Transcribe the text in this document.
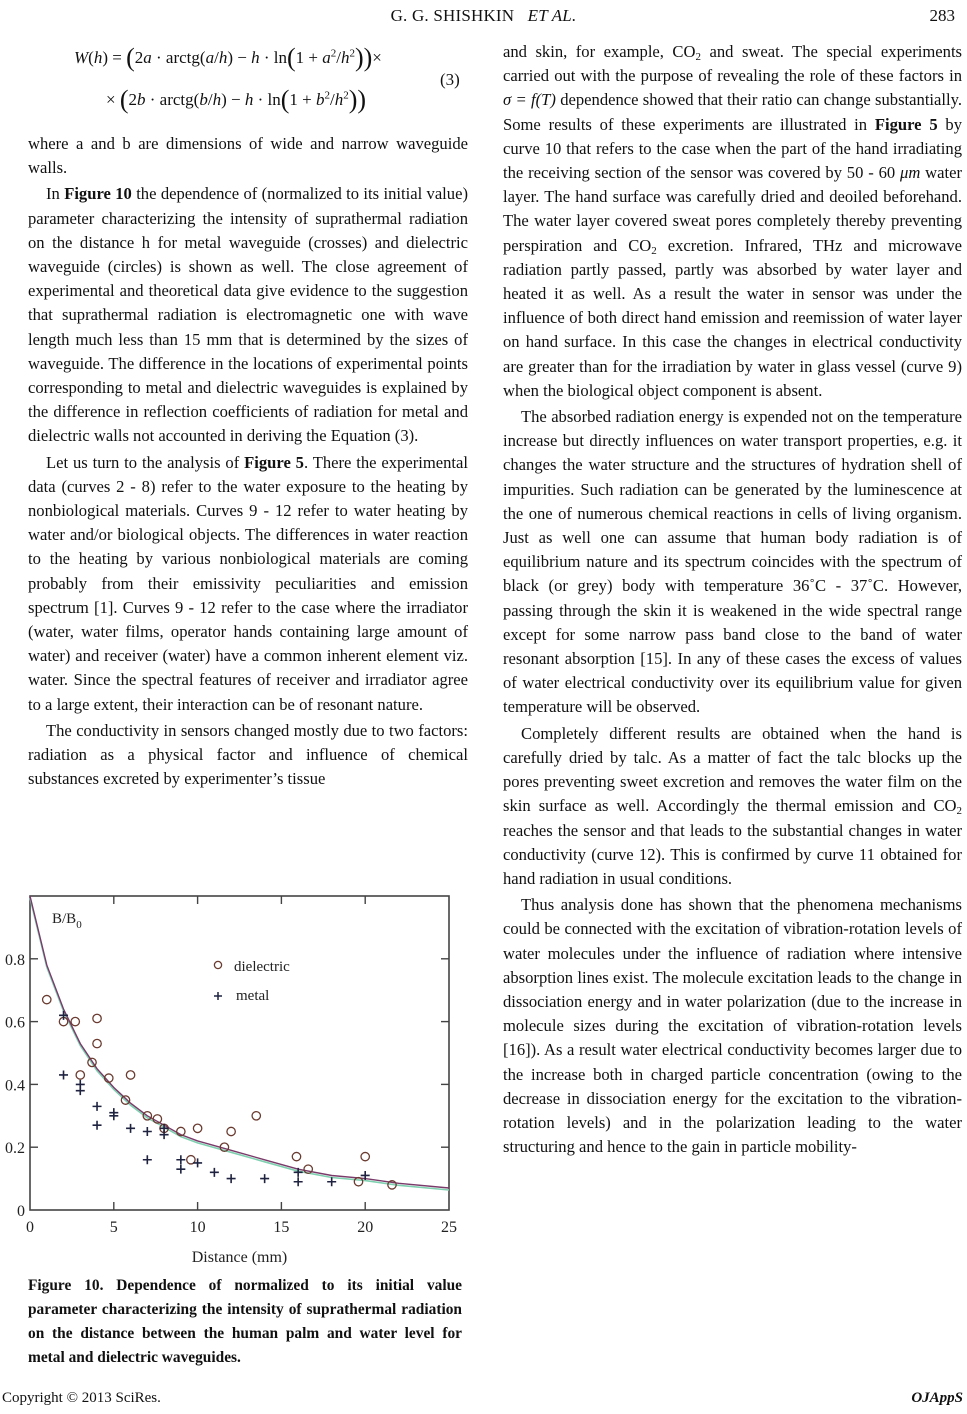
G. G. SHISHKIN ET AL.	283
W(h) = (2a · arctg(a/h) − $h \cdot \ln(1 + a^2/h^2))\times$
× (2b · arctg(b/h) − $h \cdot \ln(1 + b^2/h^2)$)
(3)

where a and b are dimensions of wide and narrow waveguide walls.

In Figure 10 the dependence of (normalized to its initial value) parameter characterizing the intensity of suprathermal radiation on the distance h for metal waveguide (crosses) and dielectric waveguide (circles) is shown as well. The close agreement of experimental and theoretical data give evidence to the suggestion that suprathermal radiation is electromagnetic one with wave length much less than 15 mm that is determined by the sizes of waveguide. The difference in the locations of experimental points corresponding to metal and dielectric waveguides is explained by the difference in reflection coefficients of radiation for metal and dielectric walls not accounted in deriving the Equation (3).

Let us turn to the analysis of Figure 5. There the experimental data (curves 2 - 8) refer to the water exposure to the heating by nonbiological materials. Curves 9 - 12 refer to water heating by water and/or biological objects. The differences in water reaction to the heating by various nonbiological materials are coming probably from their emissivity peculiarities and emission spectrum [1]. Curves 9 - 12 refer to the case where the irradiator (water, water films, operator hands containing large amount of water) and receiver (water) have a common inherent element viz. water. Since the spectral features of receiver and irradiator agree to a large extent, their interaction can be of resonant nature.

The conductivity in sensors changed mostly due to two factors: radiation as a physical factor and influence of chemical substances excreted by experimenter’s tissue

0	5	10	15	20	25
0
0.2
0.4
0.6
0.8
$B/B_0$
Distance (mm)
dielectric
metal
Figure 10. Dependence of normalized to its initial value parameter characterizing the intensity of suprathermal radiation on the distance between the human palm and water level for metal and dielectric waveguides.

and skin, for example, $CO_2$ and sweat. The special experiments carried out with the purpose of revealing the role of these factors in σ = f(T) dependence showed that their ratio can change substantially. Some results of these experiments are illustrated in Figure 5 by curve 10 that refers to the case when the part of the hand irradiating the receiving section of the sensor was covered by 50 - 60 μm water layer. The hand surface was carefully dried and deoiled beforehand. The water layer covered sweat pores completely thereby preventing perspiration and $CO_2$ excretion. Infrared, THz and microwave radiation partly passed, partly was absorbed by water layer and heated it as well. As a result the water in sensor was under the influence of both direct hand emission and reemission of water layer on hand surface. In this case the changes in electrical conductivity are greater than for the irradiation by water in glass vessel (curve 9) when the biological object component is absent.

The absorbed radiation energy is expended not on the temperature increase but directly influences on water transport properties, e.g. it changes the water structure and the structures of hydration shell of impurities. Such radiation can be generated by the luminescence at the one of numerous chemical reactions in cells of living organism. Just as well one can assume that human body radiation is of equilibrium nature and its spectrum coincides with the spectrum of black (or grey) body with temperature 36˚C - 37˚C. However, passing through the skin it is weakened in the wide spectral range except for some narrow pass band close to the band of water resonant absorption [15]. In any of these cases the excess of values of water electrical conductivity over its equilibrium value for given temperature will be observed.

Completely different results are obtained when the hand is carefully dried by talc. As a matter of fact the talc blocks up the pores preventing sweet excretion and removes the water film on the skin surface as well. Accordingly the thermal emission and $CO_2$ reaches the sensor and that leads to the substantial changes in water conductivity (curve 12). This is confirmed by curve 11 obtained for hand radiation in usual conditions.

Thus analysis done has shown that the phenomena mechanisms could be connected with the excitation of vibration-rotation levels of water molecules under the influence of radiation where intensive absorption lines exist. The molecule excitation leads to the change in dissociation energy and in water polarization (due to the increase in molecule sizes during the excitation of vibration-rotation levels [16]). As a result water electrical conductivity becomes larger due to the increase both in charged particle concentration (owing to the decrease in dissociation energy for the excitation to the vibration-rotation levels) and in the polarization leading to the water structuring and hence to the gain in particle mobility-

Copyright © 2013 SciRes.	OJAppS
